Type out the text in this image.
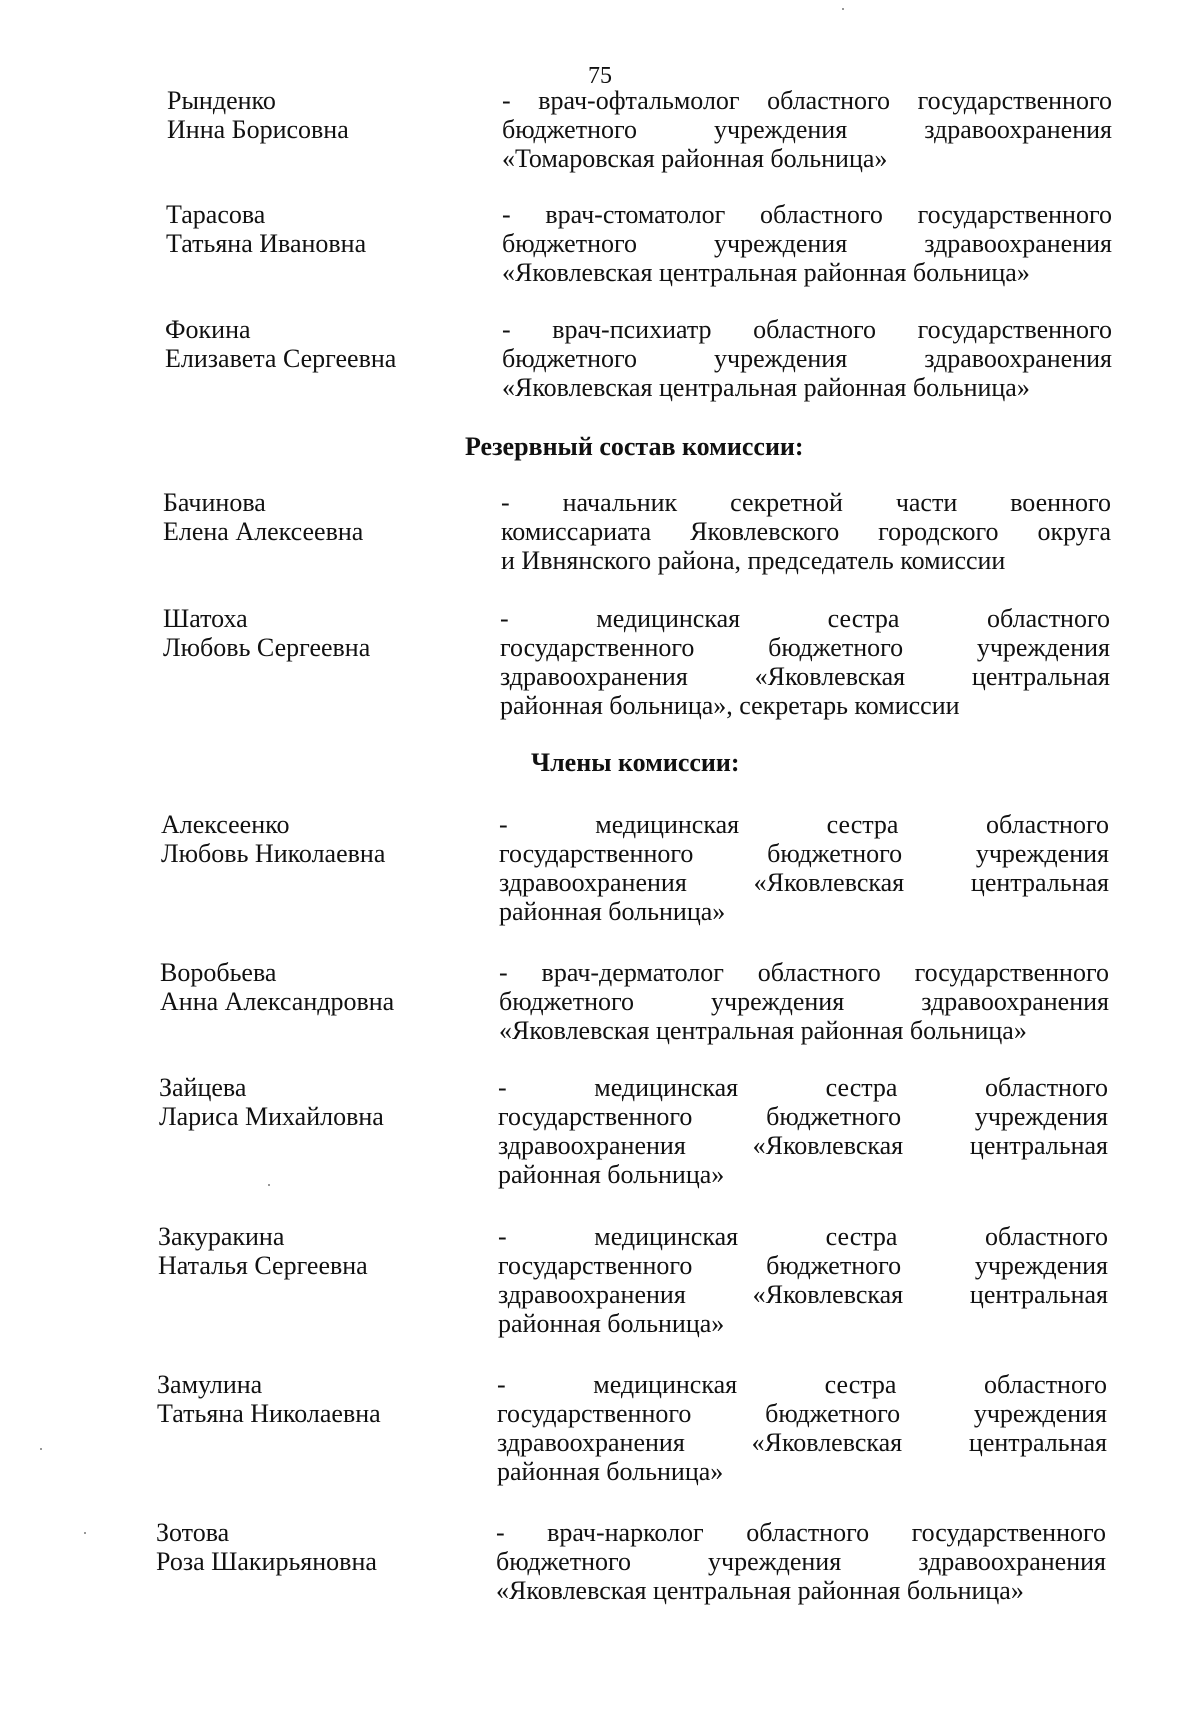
75
Рынденко
Инна Борисовна
- врач-офтальмолог областного государственного
бюджетного учреждения здравоохранения
«Томаровская районная больница»
Тарасова
Татьяна Ивановна
- врач-стоматолог областного государственного
бюджетного учреждения здравоохранения
«Яковлевская центральная районная больница»
Фокина
Елизавета Сергеевна
- врач-психиатр областного государственного
бюджетного учреждения здравоохранения
«Яковлевская центральная районная больница»
Резервный состав комиссии:
Бачинова
Елена Алексеевна
- начальник секретной части военного
комиссариата Яковлевского городского округа
и Ивнянского района, председатель комиссии
Шатоха
Любовь Сергеевна
- медицинская сестра областного
государственного бюджетного учреждения
здравоохранения «Яковлевская центральная
районная больница», секретарь комиссии
Члены комиссии:
Алексеенко
Любовь Николаевна
- медицинская сестра областного
государственного бюджетного учреждения
здравоохранения «Яковлевская центральная
районная больница»
Воробьева
Анна Александровна
- врач-дерматолог областного государственного
бюджетного учреждения здравоохранения
«Яковлевская центральная районная больница»
Зайцева
Лариса Михайловна
- медицинская сестра областного
государственного бюджетного учреждения
здравоохранения «Яковлевская центральная
районная больница»
Закуракина
Наталья Сергеевна
- медицинская сестра областного
государственного бюджетного учреждения
здравоохранения «Яковлевская центральная
районная больница»
Замулина
Татьяна Николаевна
- медицинская сестра областного
государственного бюджетного учреждения
здравоохранения «Яковлевская центральная
районная больница»
Зотова
Роза Шакирьяновна
- врач-нарколог областного государственного
бюджетного учреждения здравоохранения
«Яковлевская центральная районная больница»
